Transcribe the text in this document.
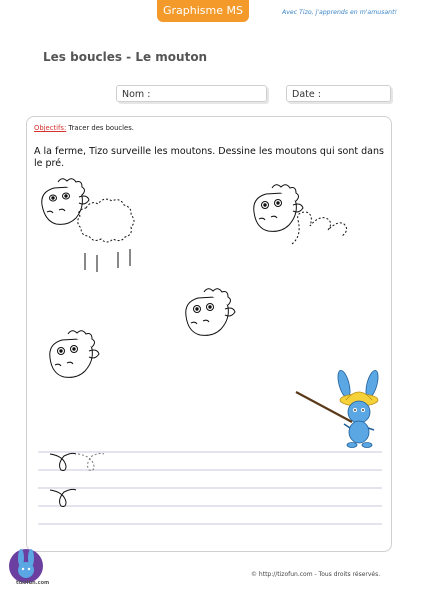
Graphisme MS	Avec Tizo, j'apprends en m'amusant!
Les boucles - Le mouton
Nom :	Date :
Objectifs: Tracer des boucles.
A la ferme, Tizo surveille les moutons. Dessine les moutons qui sont dans le pré.
tizofun.com
© http://tizofun.com - Tous droits réservés.
